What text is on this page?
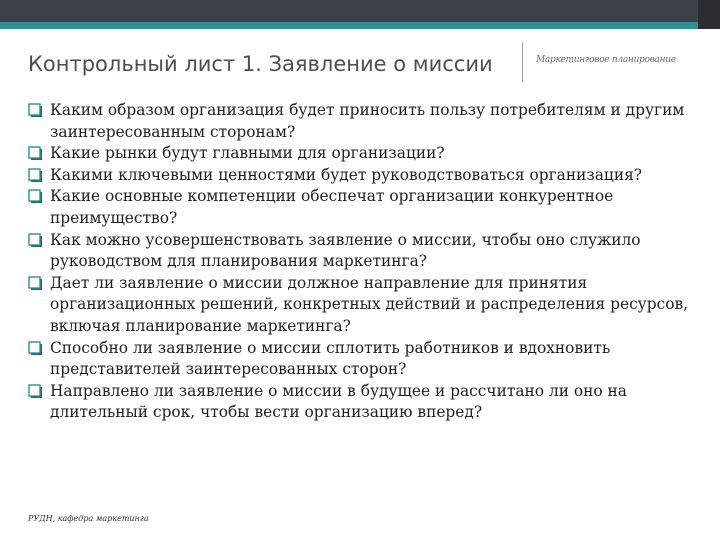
Контрольный лист 1. Заявление о миссии	Маркетинговое планирование
Каким образом организация будет приносить пользу потребителям и другим заинтересованным сторонам?
Какие рынки будут главными для организации?
Какими ключевыми ценностями будет руководствоваться организация?
Какие основные компетенции обеспечат организации конкурентное преимущество?
Как можно усовершенствовать заявление о миссии, чтобы оно служило руководством для планирования маркетинга?
Дает ли заявление о миссии должное направление для принятия организационных решений, конкретных действий и распределения ресурсов, включая планирование маркетинга?
Способно ли заявление о миссии сплотить работников и вдохновить представителей заинтересованных сторон?
Направлено ли заявление о миссии в будущее и рассчитано ли оно на длительный срок, чтобы вести организацию вперед?
РУДН, кафедра маркетинга
